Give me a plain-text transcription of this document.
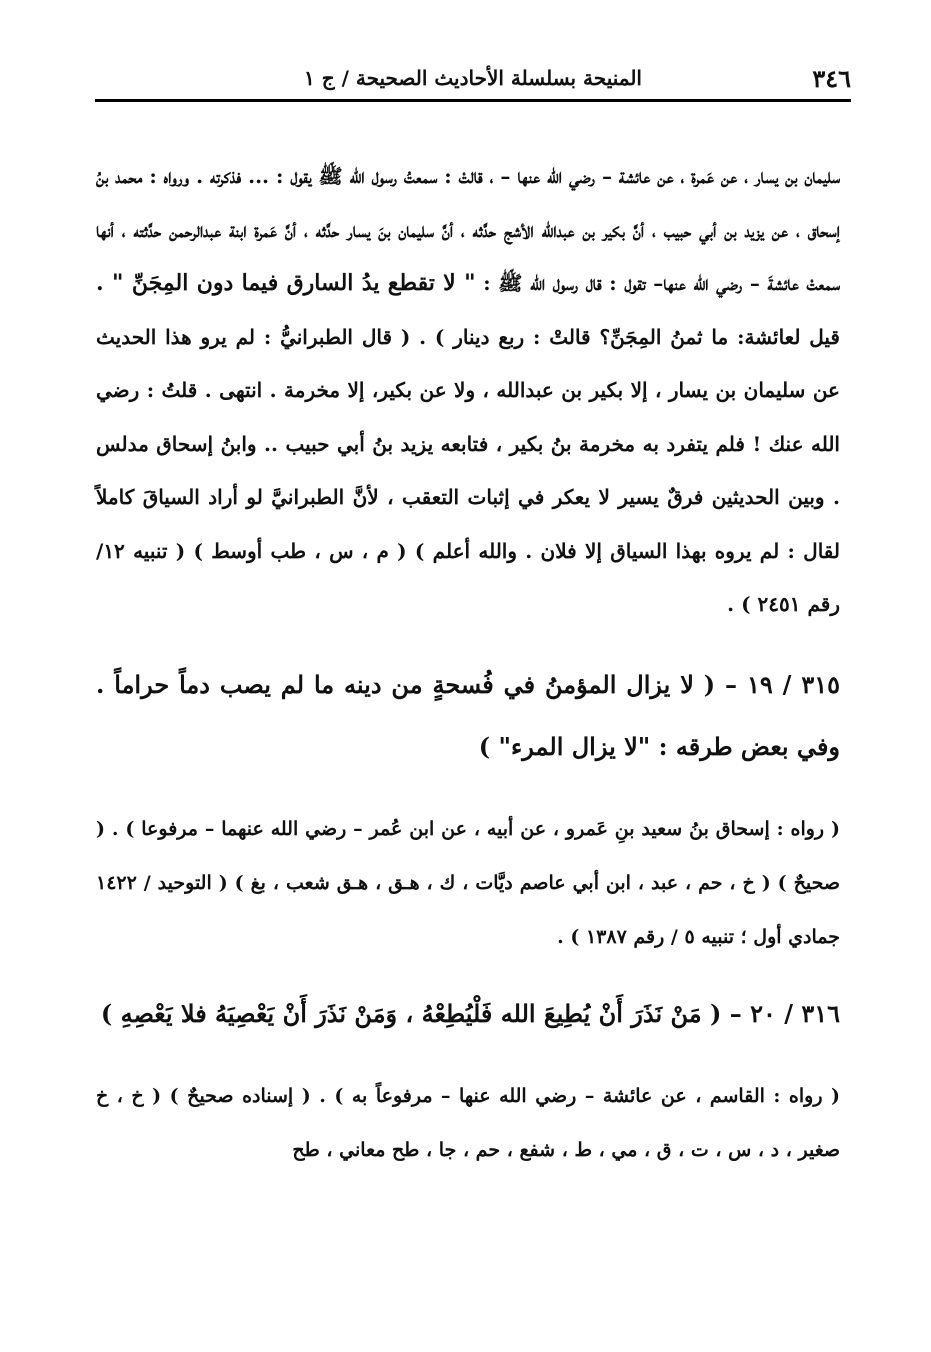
٣٤٦
المنيحة بسلسلة الأحاديث الصحيحة / ج ١

سليمان بن يسار ، عن عَمرة ، عن عائشة – رضي الله عنها – ، قالتْ : سمعتُ رسول الله ﷺ يقول : ... فذكرته . ورواه : محمد بنُ إسحاق ، عن يزيد بن أبي حبيب ، أنَّ بكير بن عبدالله الأشج حدَّثه ، أنَّ سليمان بنَ يسار حدَّثه ، أنَّ عَمرة ابنة عبدالرحمن حدَّثته ، أنها سمعتْ عائشةَ – رضي الله عنها– تقول : قال رسول الله ﷺ : " لا تقطع يدُ السارق فيما دون المِجَنِّ " . قيل لعائشة: ما ثمنُ المِجَنِّ؟ قالتْ : ربع دينار ) . ( قال الطبرانيُّ : لم يرو هذا الحديث عن سليمان بن يسار ، إلا بكير بن عبدالله ، ولا عن بكير، إلا مخرمة . انتهى . قلتُ : رضي الله عنك ! فلم يتفرد به مخرمة بنُ بكير ، فتابعه يزيد بنُ أبي حبيب .. وابنُ إسحاق مدلس . وبين الحديثين فرقٌ يسير لا يعكر في إثبات التعقب ، لأنَّ الطبرانيَّ لو أراد السياقَ كاملاً لقال : لم يروه بهذا السياق إلا فلان . والله أعلم ) ( م ، س ، طب أوسط ) ( تنبيه ١٢/ رقم ٢٤٥١ ) .

٣١٥ / ١٩ – ( لا يزال المؤمنُ في فُسحةٍ من دينه ما لم يصب دماً حراماً . وفي بعض طرقه : "لا يزال المرء" )

( رواه : إسحاق بنُ سعيد بنِ عَمرو ، عن أبيه ، عن ابن عُمر – رضي الله عنهما – مرفوعا ) . ( صحيحٌ ) ( خ ، حم ، عبد ، ابن أبي عاصم ديَّات ، ك ، هـق ، هـق شعب ، بغ ) ( التوحيد / ١٤٢٢ جمادي أول ؛ تنبيه ٥ / رقم ١٣٨٧ ) .

٣١٦ / ٢٠ – ( مَنْ نَذَرَ أَنْ يُطِيعَ الله فَلْيُطِعْهُ ، وَمَنْ نَذَرَ أَنْ يَعْصِيَهُ فلا يَعْصِهِ )

( رواه : القاسم ، عن عائشة – رضي الله عنها – مرفوعاً به ) . ( إسناده صحيحٌ ) ( خ ، خ صغير ، د ، س ، ت ، ق ، مي ، ط ، شفع ، حم ، جا ، طح معاني ، طح
